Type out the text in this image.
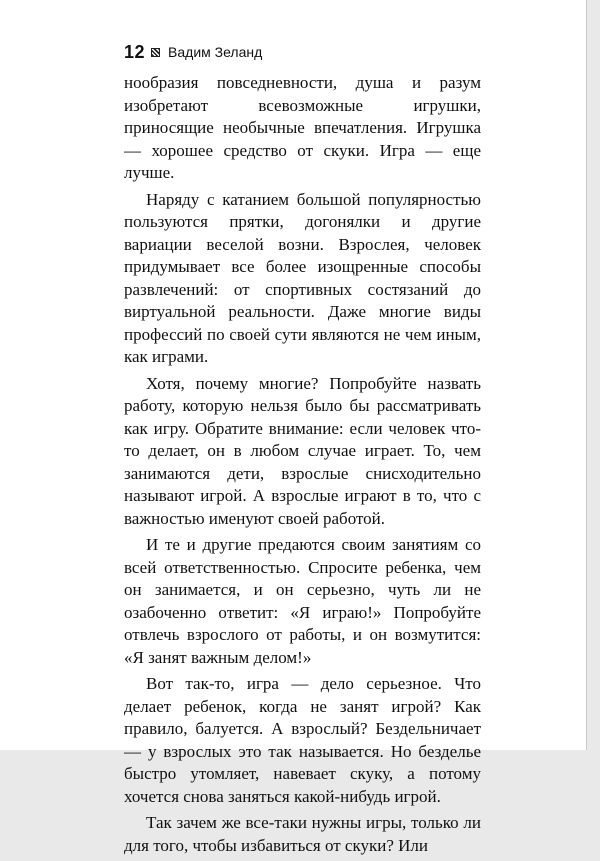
12 Вадим Зеланд

нообразия повседневности, душа и разум изобретают всевозможные игрушки, приносящие необычные впечатления. Игрушка — хорошее средство от скуки. Игра — еще лучше.

Наряду с катанием большой популярностью пользуются прятки, догонялки и другие вариации веселой возни. Взрослея, человек придумывает все более изощренные способы развлечений: от спортивных состязаний до виртуальной реальности. Даже многие виды профессий по своей сути являются не чем иным, как играми.

Хотя, почему многие? Попробуйте назвать работу, которую нельзя было бы рассматривать как игру. Обратите внимание: если человек что-то делает, он в любом случае играет. То, чем занимаются дети, взрослые снисходительно называют игрой. А взрослые играют в то, что с важностью именуют своей работой.

И те и другие предаются своим занятиям со всей ответственностью. Спросите ребенка, чем он занимается, и он серьезно, чуть ли не озабоченно ответит: «Я играю!» Попробуйте отвлечь взрослого от работы, и он возмутится: «Я занят важным делом!»

Вот так-то, игра — дело серьезное. Что делает ребенок, когда не занят игрой? Как правило, балуется. А взрослый? Бездельничает — у взрослых это так называется. Но безделье быстро утомляет, навевает скуку, а потому хочется снова заняться какой-нибудь игрой.

Так зачем же все-таки нужны игры, только ли для того, чтобы избавиться от скуки? Или
